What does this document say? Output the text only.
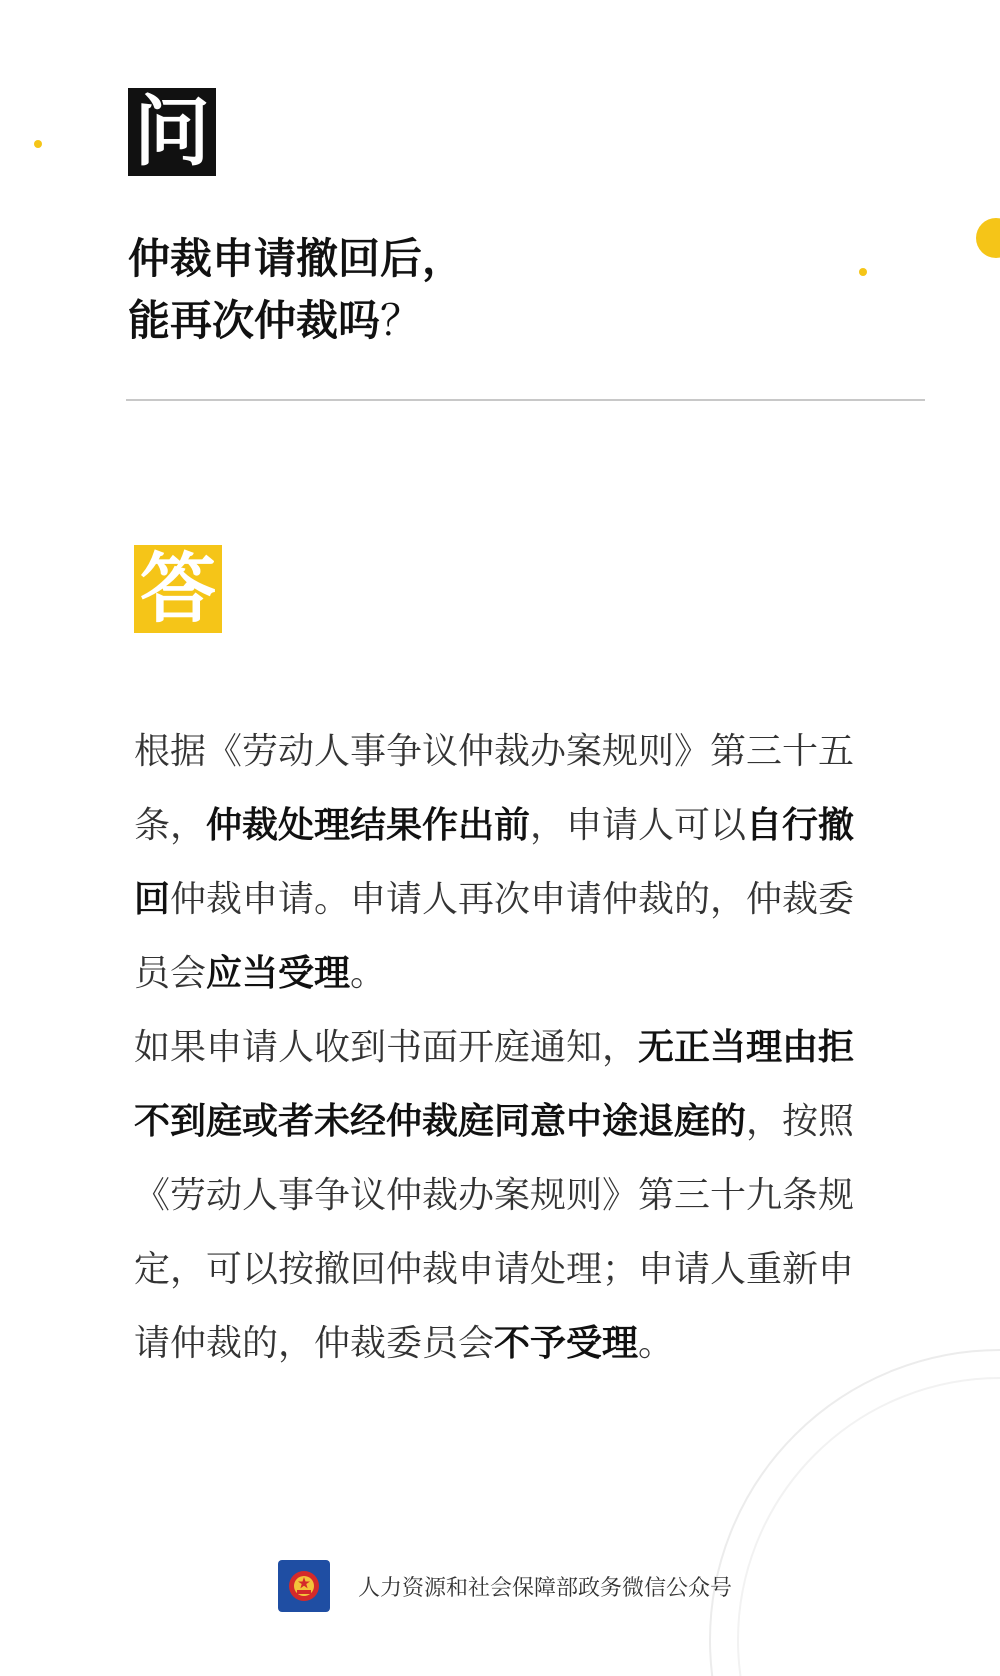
问
仲裁申请撤回后，
能再次仲裁吗？
答

根据《劳动人事争议仲裁办案规则》第三十五条，仲裁处理结果作出前，申请人可以自行撤回仲裁申请。申请人再次申请仲裁的，仲裁委员会应当受理。

如果申请人收到书面开庭通知，无正当理由拒不到庭或者未经仲裁庭同意中途退庭的，按照《劳动人事争议仲裁办案规则》第三十九条规定，可以按撤回仲裁申请处理；申请人重新申请仲裁的，仲裁委员会不予受理。

人力资源和社会保障部政务微信公众号
